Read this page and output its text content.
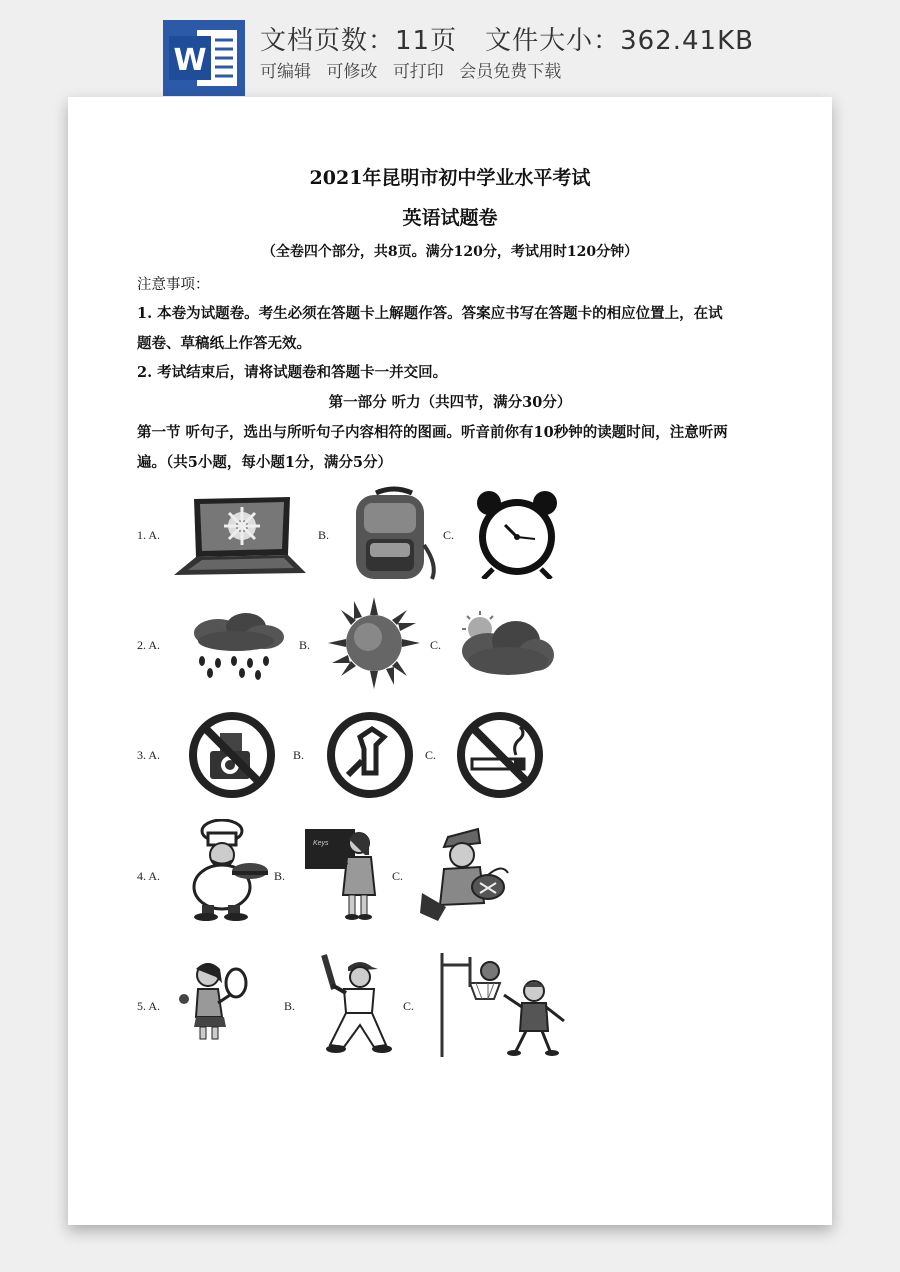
W
文档页数：11页 文件大小：362.41KB
可编辑 可修改 可打印 会员免费下载
2021年昆明市初中学业水平考试
英语试题卷
（全卷四个部分，共8页。满分120分，考试用时120分钟）
注意事项：
1. 本卷为试题卷。考生必须在答题卡上解题作答。答案应书写在答题卡的相应位置上，在试
题卷、草稿纸上作答无效。
2. 考试结束后，请将试题卷和答题卡一并交回。
第一部分 听力（共四节，满分30分）
第一节 听句子，选出与所听句子内容相符的图画。听音前你有10秒钟的读题时间，注意听两
遍。（共5小题，每小题1分，满分5分）
1. A.	B.	C.
2. A.	B.	C.
3. A.	B.	C.
4. A.	B.
Keys
C.
5. A.	B.	C.
